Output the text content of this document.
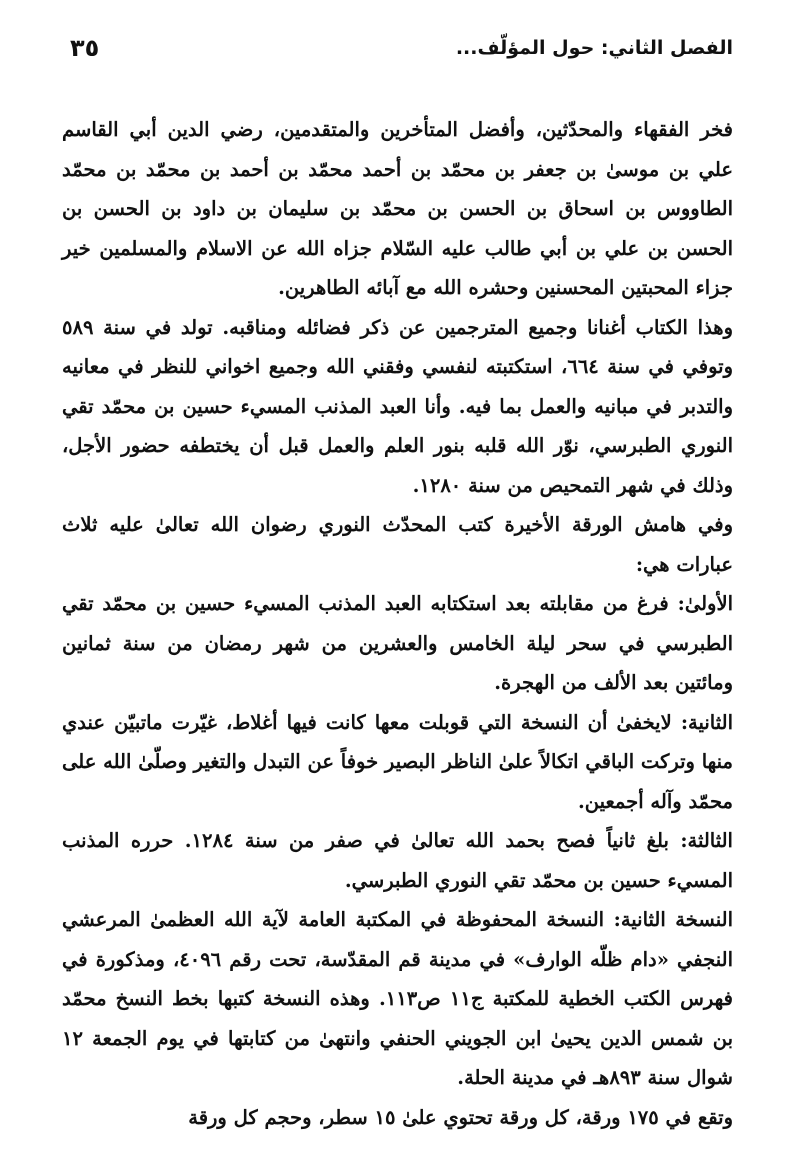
الفصل الثاني: حول المؤلّف...
٣٥

فخر الفقهاء والمحدّثين، وأفضل المتأخرين والمتقدمين، رضي الدين أبي القاسم علي بن موسىٰ بن جعفر بن محمّد بن أحمد محمّد بن أحمد بن محمّد بن محمّد الطاووس بن اسحاق بن الحسن بن محمّد بن سليمان بن داود بن الحسن بن الحسن بن علي بن أبي طالب عليه السّلام جزاه الله عن الاسلام والمسلمين خير جزاء المحبتين المحسنين وحشره الله مع آبائه الطاهرين.

وهذا الكتاب أغنانا وجميع المترجمين عن ذكر فضائله ومناقبه. تولد في سنة ٥٨٩ وتوفي في سنة ٦٦٤، استكتبته لنفسي وفقني الله وجميع اخواني للنظر في معانيه والتدبر في مبانيه والعمل بما فيه. وأنا العبد المذنب المسيء حسين بن محمّد تقي النوري الطبرسي، نوّر الله قلبه بنور العلم والعمل قبل أن يختطفه حضور الأجل، وذلك في شهر التمحيص من سنة ١٢٨٠.

وفي هامش الورقة الأخيرة كتب المحدّث النوري رضوان الله تعالىٰ عليه ثلاث عبارات هي:

الأولىٰ: فرغ من مقابلته بعد استكتابه العبد المذنب المسيء حسين بن محمّد تقي الطبرسي في سحر ليلة الخامس والعشرين من شهر رمضان من سنة ثمانين ومائتين بعد الألف من الهجرة.

الثانية: لايخفىٰ أن النسخة التي قوبلت معها كانت فيها أغلاط، غيّرت ماتبيّن عندي منها وتركت الباقي اتكالاً علىٰ الناظر البصير خوفاً عن التبدل والتغير وصلّىٰ الله على محمّد وآله أجمعين.

الثالثة: بلغ ثانياً فصح بحمد الله تعالىٰ في صفر من سنة ١٢٨٤. حرره المذنب المسيء حسين بن محمّد تقي النوري الطبرسي.

النسخة الثانية: النسخة المحفوظة في المكتبة العامة لآية الله العظمىٰ المرعشي النجفي «دام ظلّه الوارف» في مدينة قم المقدّسة، تحت رقم ٤٠٩٦، ومذكورة في فهرس الكتب الخطية للمكتبة ج١١ ص١١٣. وهذه النسخة كتبها بخط النسخ محمّد بن شمس الدين يحيىٰ ابن الجويني الحنفي وانتهىٰ من كتابتها في يوم الجمعة ١٢ شوال سنة ٨٩٣هـ في مدينة الحلة.

وتقع في ١٧٥ ورقة، كل ورقة تحتوي علىٰ ١٥ سطر، وحجم كل ورقة
